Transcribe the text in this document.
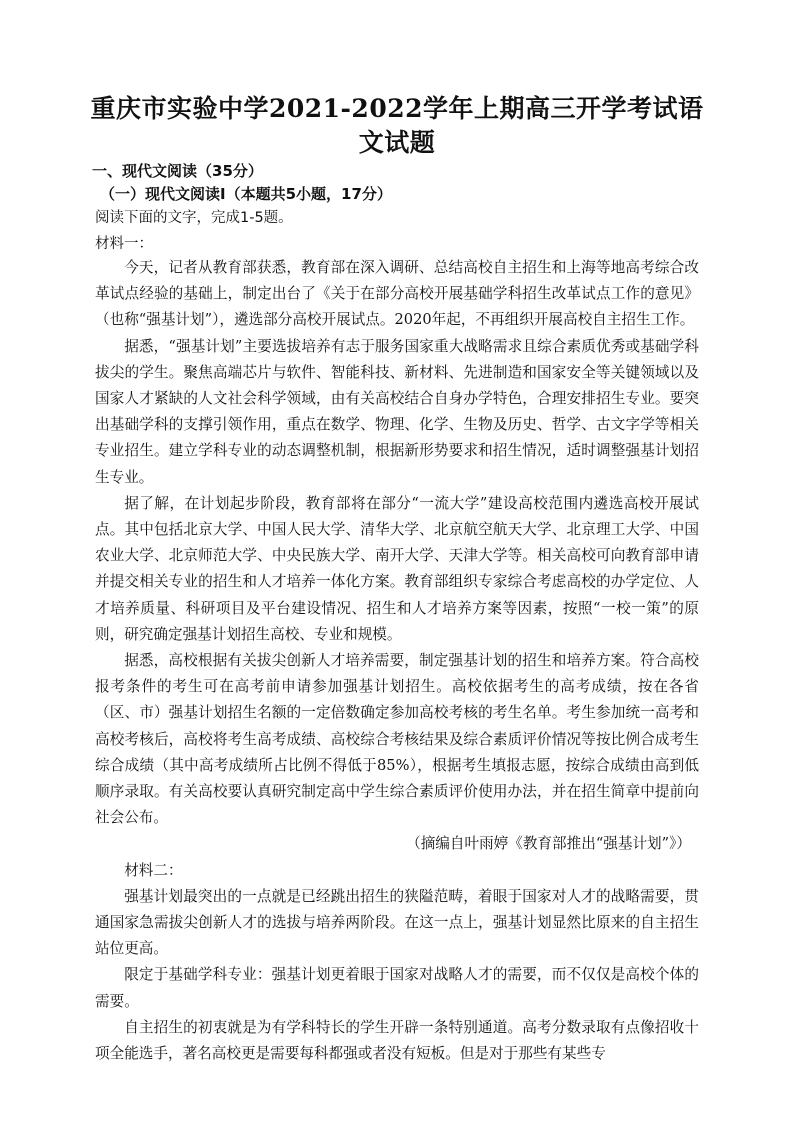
重庆市实验中学2021-2022学年上期高三开学考试语文试题
一、现代文阅读（35分）
（一）现代文阅读Ⅰ（本题共5小题，17分）
阅读下面的文字，完成1-5题。
材料一：

今天，记者从教育部获悉，教育部在深入调研、总结高校自主招生和上海等地高考综合改革试点经验的基础上，制定出台了《关于在部分高校开展基础学科招生改革试点工作的意见》（也称“强基计划”），遴选部分高校开展试点。2020年起，不再组织开展高校自主招生工作。

据悉，“强基计划”主要选拔培养有志于服务国家重大战略需求且综合素质优秀或基础学科拔尖的学生。聚焦高端芯片与软件、智能科技、新材料、先进制造和国家安全等关键领域以及国家人才紧缺的人文社会科学领域，由有关高校结合自身办学特色，合理安排招生专业。要突出基础学科的支撑引领作用，重点在数学、物理、化学、生物及历史、哲学、古文字学等相关专业招生。建立学科专业的动态调整机制，根据新形势要求和招生情况，适时调整强基计划招生专业。

据了解，在计划起步阶段，教育部将在部分“一流大学”建设高校范围内遴选高校开展试点。其中包括北京大学、中国人民大学、清华大学、北京航空航天大学、北京理工大学、中国农业大学、北京师范大学、中央民族大学、南开大学、天津大学等。相关高校可向教育部申请并提交相关专业的招生和人才培养一体化方案。教育部组织专家综合考虑高校的办学定位、人才培养质量、科研项目及平台建设情况、招生和人才培养方案等因素，按照“一校一策”的原则，研究确定强基计划招生高校、专业和规模。

据悉，高校根据有关拔尖创新人才培养需要，制定强基计划的招生和培养方案。符合高校报考条件的考生可在高考前申请参加强基计划招生。高校依据考生的高考成绩，按在各省（区、市）强基计划招生名额的一定倍数确定参加高校考核的考生名单。考生参加统一高考和高校考核后，高校将考生高考成绩、高校综合考核结果及综合素质评价情况等按比例合成考生综合成绩（其中高考成绩所占比例不得低于85%），根据考生填报志愿，按综合成绩由高到低顺序录取。有关高校要认真研究制定高中学生综合素质评价使用办法，并在招生简章中提前向社会公布。

（摘编自叶雨婷《教育部推出“强基计划”》）

材料二：

强基计划最突出的一点就是已经跳出招生的狭隘范畴，着眼于国家对人才的战略需要，贯通国家急需拔尖创新人才的选拔与培养两阶段。在这一点上，强基计划显然比原来的自主招生站位更高。

限定于基础学科专业：强基计划更着眼于国家对战略人才的需要，而不仅仅是高校个体的需要。

自主招生的初衷就是为有学科特长的学生开辟一条特别通道。高考分数录取有点像招收十项全能选手，著名高校更是需要每科都强或者没有短板。但是对于那些有某些专
